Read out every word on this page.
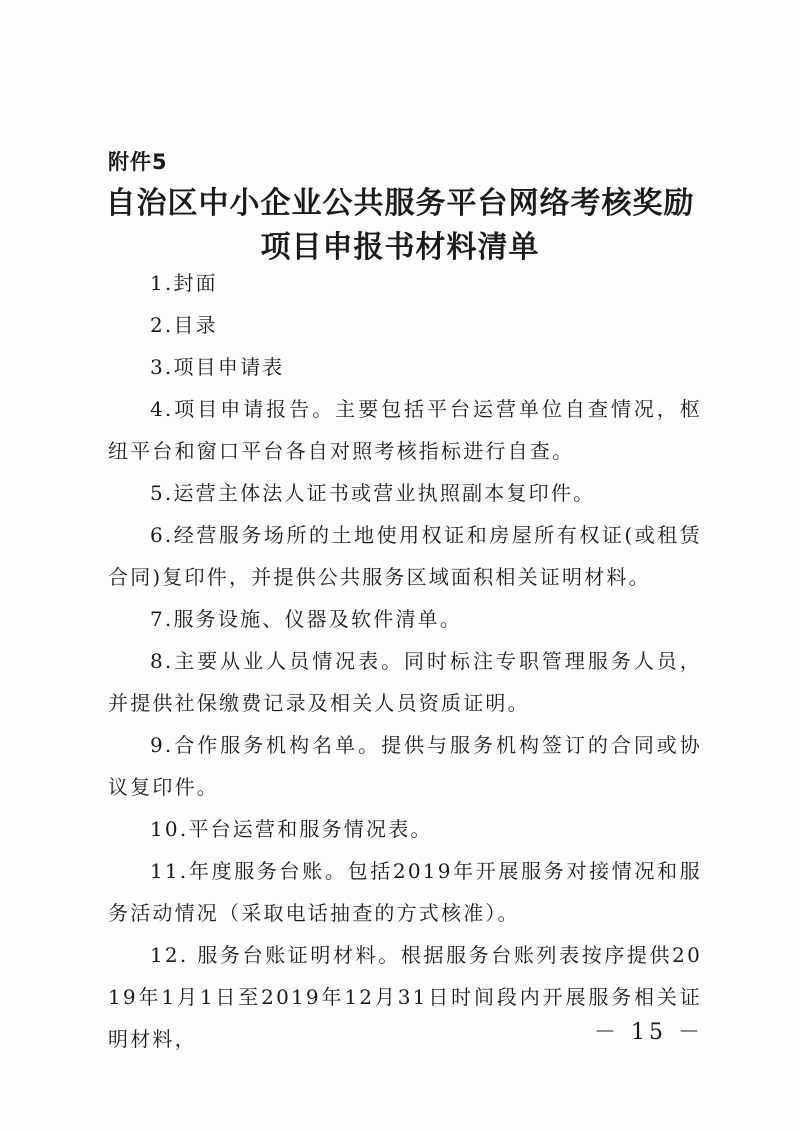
附件5
自治区中小企业公共服务平台网络考核奖励
项目申报书材料清单

1.封面

2.目录

3.项目申请表

4.项目申请报告。主要包括平台运营单位自查情况，枢纽平台和窗口平台各自对照考核指标进行自查。

5.运营主体法人证书或营业执照副本复印件。

6.经营服务场所的土地使用权证和房屋所有权证(或租赁合同)复印件，并提供公共服务区域面积相关证明材料。

7.服务设施、仪器及软件清单。

8.主要从业人员情况表。同时标注专职管理服务人员，并提供社保缴费记录及相关人员资质证明。

9.合作服务机构名单。提供与服务机构签订的合同或协议复印件。

10.平台运营和服务情况表。

11.年度服务台账。包括2019年开展服务对接情况和服务活动情况（采取电话抽查的方式核准）。

12. 服务台账证明材料。根据服务台账列表按序提供2019年1月1日至2019年12月31日时间段内开展服务相关证明材料，	－ 15 －
